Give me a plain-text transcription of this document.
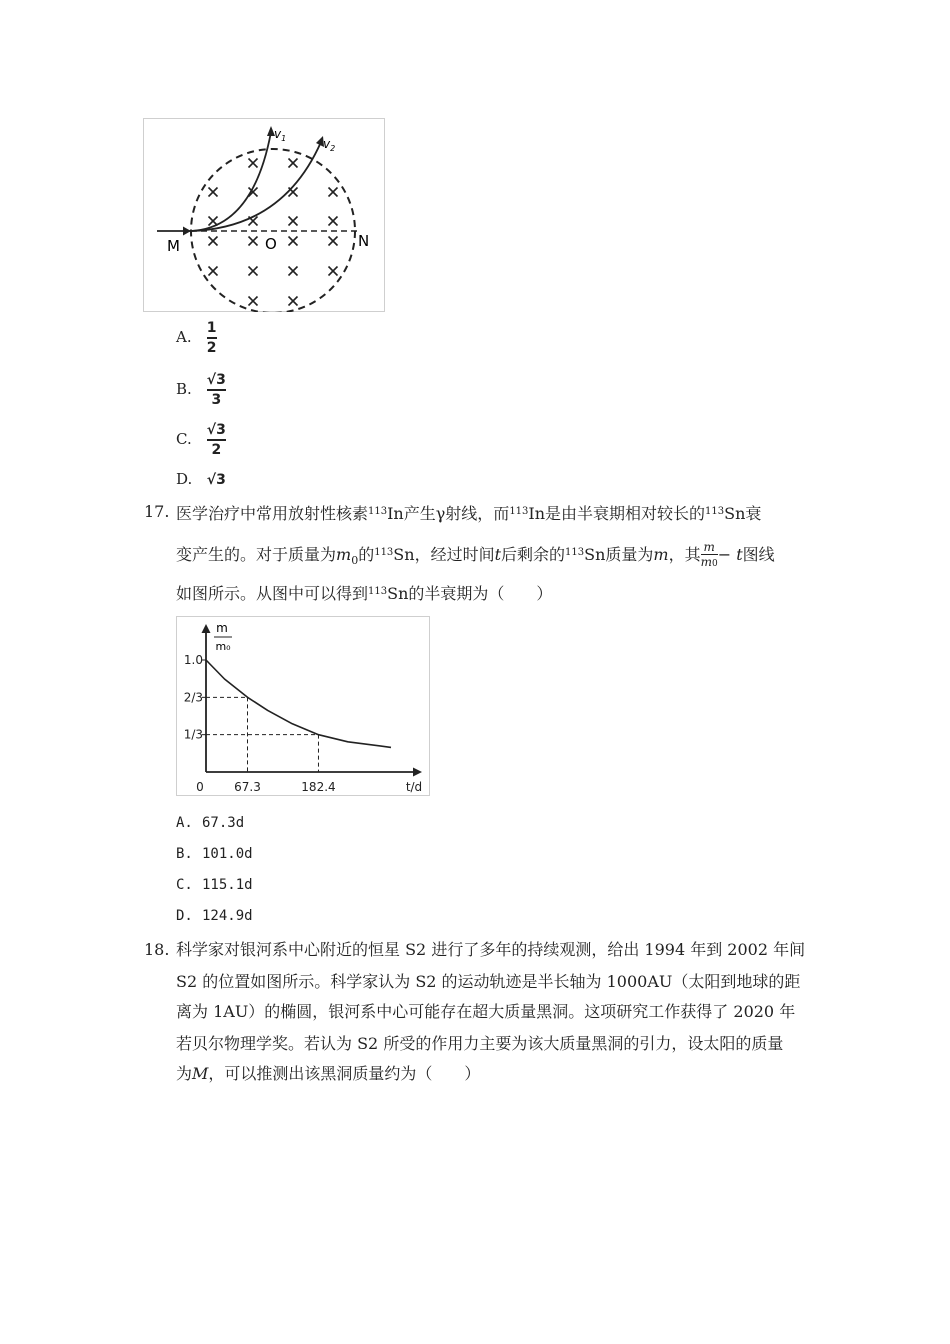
$v_1$	$v_2$
M	O	N
A. $\frac{1}{2}$
B. $\frac{√3}{3}$
C. $\frac{√3}{2}$
D. √3
17. 医学治疗中常用放射性核素$^{113}$In产生γ射线，而$^{113}$In是由半衰期相对较长的$^{113}$Sn衰
变产生的。对于质量为$m_0$的$^{113}$Sn，经过时间t后剩余的$^{113}$Sn质量为m，其 $\frac{m}{m0} - t$图线
如图所示。从图中可以得到$^{113}$Sn的半衰期为（　　）
m
m₀
1.0
2/3
1/3
0	67.3	182.4	t/d
A. 67.3d
B. 101.0d
C. 115.1d
D. 124.9d
18. 科学家对银河系中心附近的恒星 S2 进行了多年的持续观测，给出 1994 年到 2002 年间
S2 的位置如图所示。科学家认为 S2 的运动轨迹是半长轴为 1000AU（太阳到地球的距
离为 1AU）的椭圆，银河系中心可能存在超大质量黑洞。这项研究工作获得了 2020 年
若贝尔物理学奖。若认为 S2 所受的作用力主要为该大质量黑洞的引力，设太阳的质量
为M，可以推测出该黑洞质量约为（　　）
